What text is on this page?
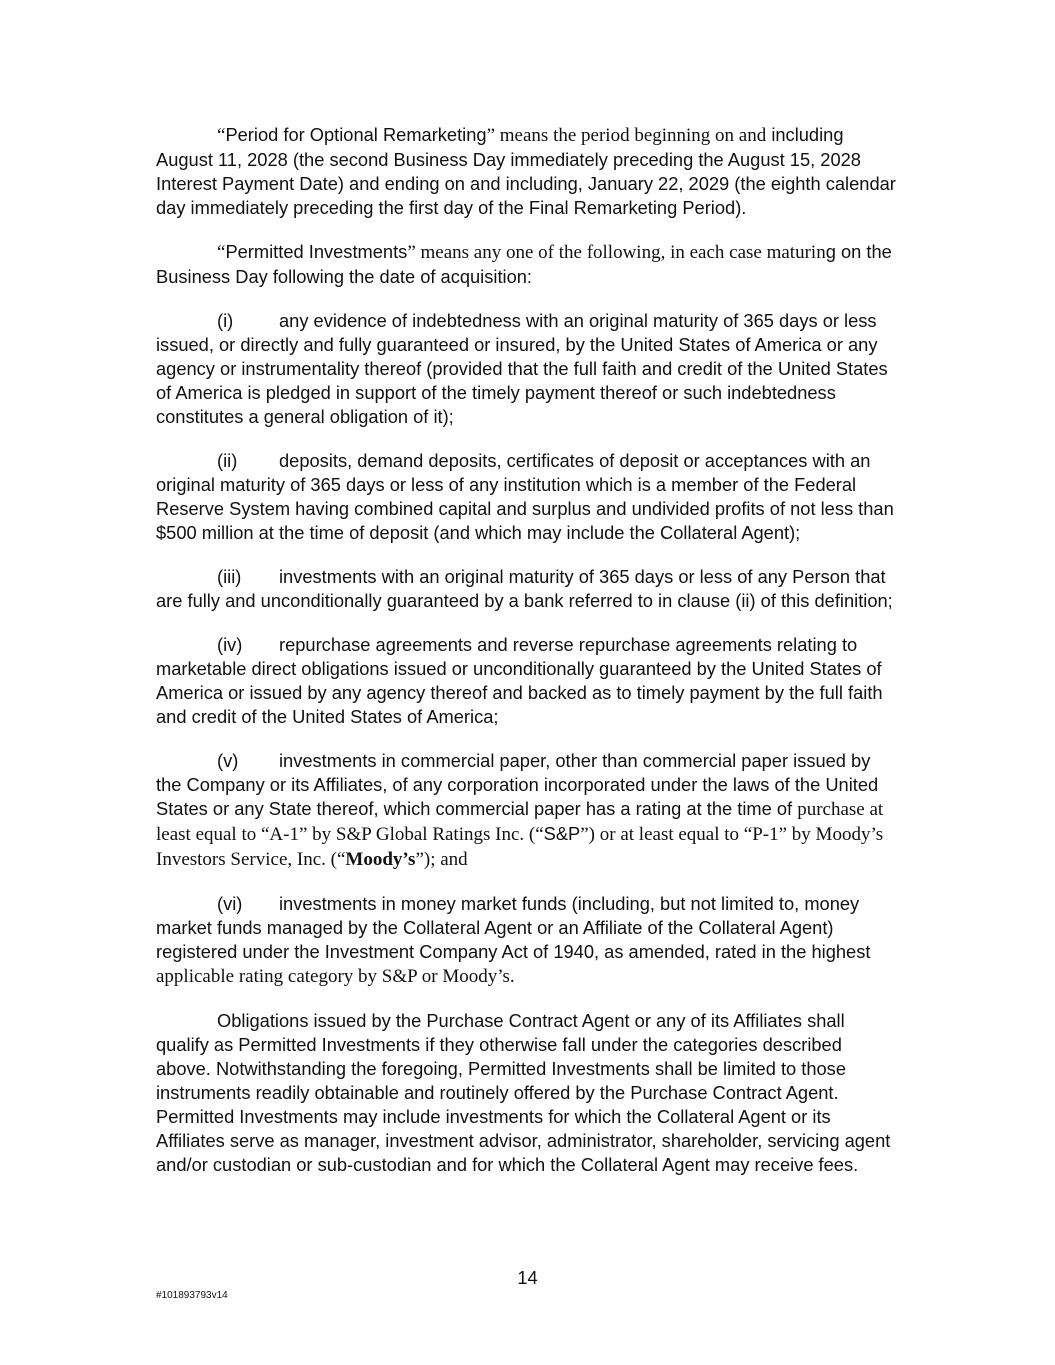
“Period for Optional Remarketing” means the period beginning on and including August 11, 2028 (the second Business Day immediately preceding the August 15, 2028 Interest Payment Date) and ending on and including, January 22, 2029 (the eighth calendar day immediately preceding the first day of the Final Remarketing Period).

“Permitted Investments” means any one of the following, in each case maturing on the Business Day following the date of acquisition:

(i)	any evidence of indebtedness with an original maturity of 365 days or less issued, or directly and fully guaranteed or insured, by the United States of America or any agency or instrumentality thereof (provided that the full faith and credit of the United States of America is pledged in support of the timely payment thereof or such indebtedness constitutes a general obligation of it);

(ii) deposits, demand deposits, certificates of deposit or acceptances with an original maturity of 365 days or less of any institution which is a member of the Federal Reserve System having combined capital and surplus and undivided profits of not less than $500 million at the time of deposit (and which may include the Collateral Agent);

(iii) investments with an original maturity of 365 days or less of any Person that are fully and unconditionally guaranteed by a bank referred to in clause (ii) of this definition;

(iv) repurchase agreements and reverse repurchase agreements relating to marketable direct obligations issued or unconditionally guaranteed by the United States of America or issued by any agency thereof and backed as to timely payment by the full faith and credit of the United States of America;

(v) investments in commercial paper, other than commercial paper issued by the Company or its Affiliates, of any corporation incorporated under the laws of the United States or any State thereof, which commercial paper has a rating at the time of purchase at least equal to “A-1” by S&P Global Ratings Inc. (“S&P”) or at least equal to “P-1” by Moody’s Investors Service, Inc. (“Moody’s”); and

(vi) investments in money market funds (including, but not limited to, money market funds managed by the Collateral Agent or an Affiliate of the Collateral Agent) registered under the Investment Company Act of 1940, as amended, rated in the highest applicable rating category by S&P or Moody’s.

Obligations issued by the Purchase Contract Agent or any of its Affiliates shall qualify as Permitted Investments if they otherwise fall under the categories described above. Notwithstanding the foregoing, Permitted Investments shall be limited to those instruments readily obtainable and routinely offered by the Purchase Contract Agent. Permitted Investments may include investments for which the Collateral Agent or its Affiliates serve as manager, investment advisor, administrator, shareholder, servicing agent and/or custodian or sub-custodian and for which the Collateral Agent may receive fees.

14
#101893793v14
